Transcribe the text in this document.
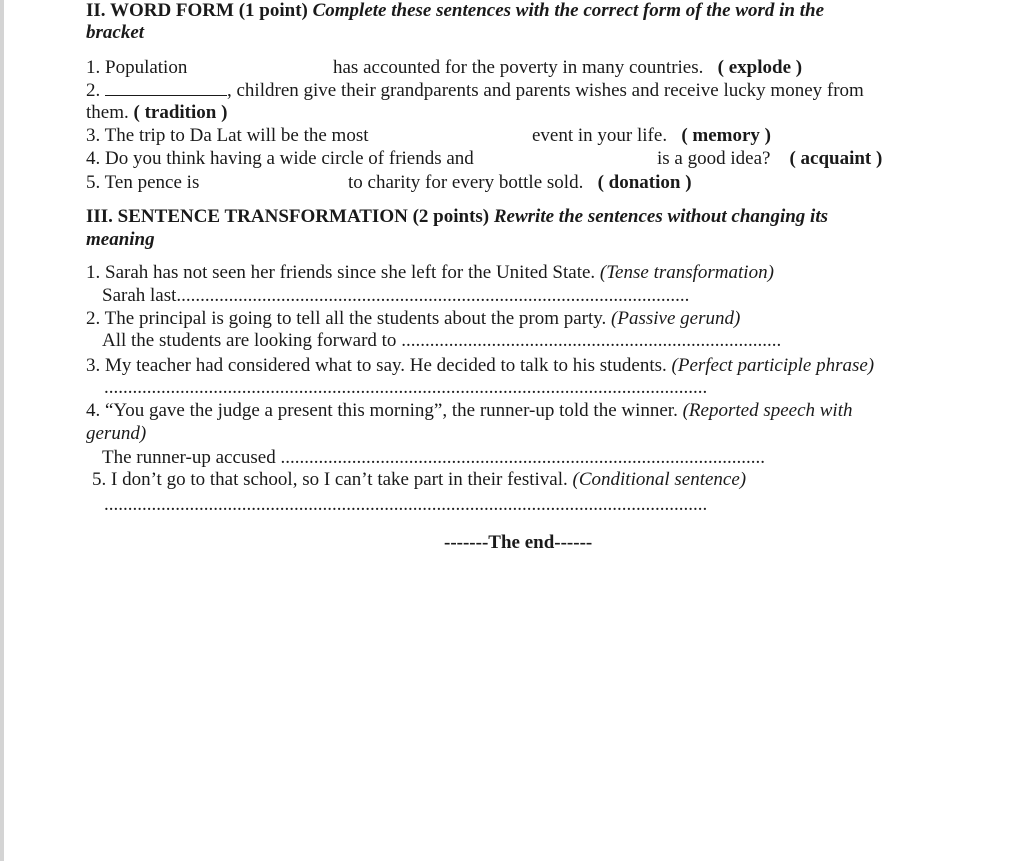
II. WORD FORM (1 point) Complete these sentences with the correct form of the word in the
bracket
1. Population	has accounted for the poverty in many countries. ( explode )
2.	, children give their grandparents and parents wishes and receive lucky money from
them. ( tradition )
3. The trip to Da Lat will be the most	event in your life. ( memory )
4. Do you think having a wide circle of friends and	is a good idea? ( acquaint )
5. Ten pence is	to charity for every bottle sold. ( donation )
III. SENTENCE TRANSFORMATION (2 points) Rewrite the sentences without changing its
meaning
1. Sarah has not seen her friends since she left for the United State. (Tense transformation)
Sarah last............................................................................................................
2. The principal is going to tell all the students about the prom party. (Passive gerund)
All the students are looking forward to ................................................................................
3. My teacher had considered what to say. He decided to talk to his students. (Perfect participle phrase)
...............................................................................................................................
4. “You gave the judge a present this morning”, the runner-up told the winner. (Reported speech with
gerund)
The runner-up accused ......................................................................................................
5. I don’t go to that school, so I can’t take part in their festival. (Conditional sentence)
...............................................................................................................................
-------The end------
